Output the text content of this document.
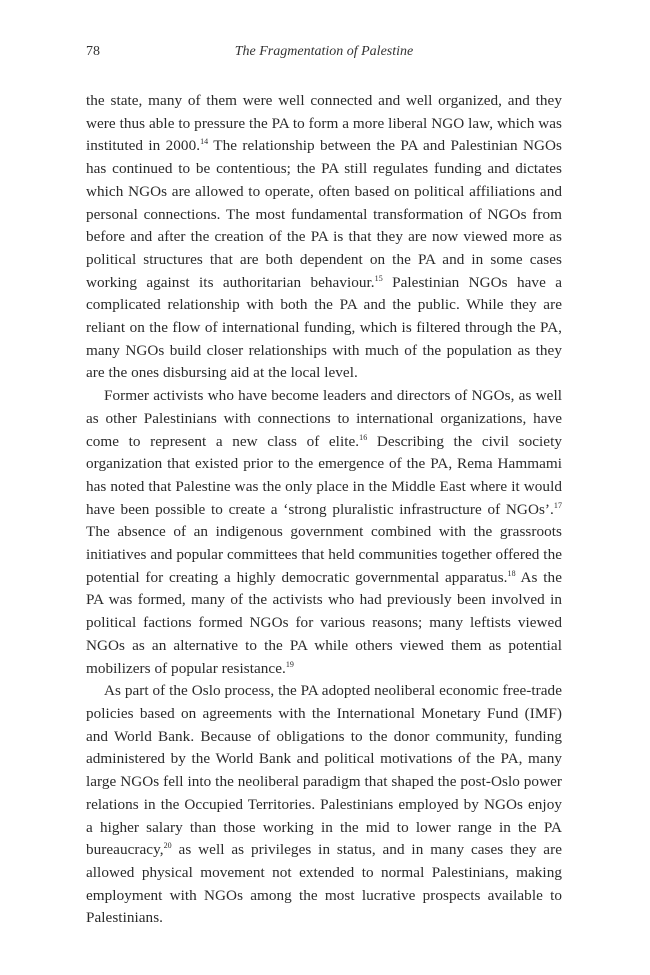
78	The Fragmentation of Palestine

the state, many of them were well connected and well organized, and they were thus able to pressure the PA to form a more liberal NGO law, which was instituted in 2000.14 The relationship between the PA and Palestinian NGOs has continued to be contentious; the PA still regulates funding and dictates which NGOs are allowed to operate, often based on political affiliations and personal connections. The most fundamental transformation of NGOs from before and after the creation of the PA is that they are now viewed more as political structures that are both dependent on the PA and in some cases working against its authoritarian behaviour.$^{15}$ Palestinian NGOs have a complicated relationship with both the PA and the public. While they are reliant on the flow of international funding, which is filtered through the PA, many NGOs build closer relationships with much of the population as they are the ones disbursing aid at the local level.

Former activists who have become leaders and directors of NGOs, as well as other Palestinians with connections to international organizations, have come to represent a new class of elite.$^{16}$ Describing the civil society organization that existed prior to the emergence of the PA, Rema Hammami has noted that Palestine was the only place in the Middle East where it would have been possible to create a ‘strong pluralistic infrastructure of NGOs’.$^{17}$ The absence of an indigenous government combined with the grassroots initiatives and popular committees that held communities together offered the potential for creating a highly democratic governmental apparatus.$^{18}$ As the PA was formed, many of the activists who had previously been involved in political factions formed NGOs for various reasons; many leftists viewed NGOs as an alternative to the PA while others viewed them as potential mobilizers of popular resistance.$^{19}$

As part of the Oslo process, the PA adopted neoliberal economic free-trade policies based on agreements with the International Monetary Fund (IMF) and World Bank. Because of obligations to the donor community, funding administered by the World Bank and political motivations of the PA, many large NGOs fell into the neoliberal paradigm that shaped the post-Oslo power relations in the Occupied Territories. Palestinians employed by NGOs enjoy a higher salary than those working in the mid to lower range in the PA bureaucracy,$^{20}$ as well as privileges in status, and in many cases they are allowed physical movement not extended to normal Palestinians, making employment with NGOs among the most lucrative prospects available to Palestinians.
